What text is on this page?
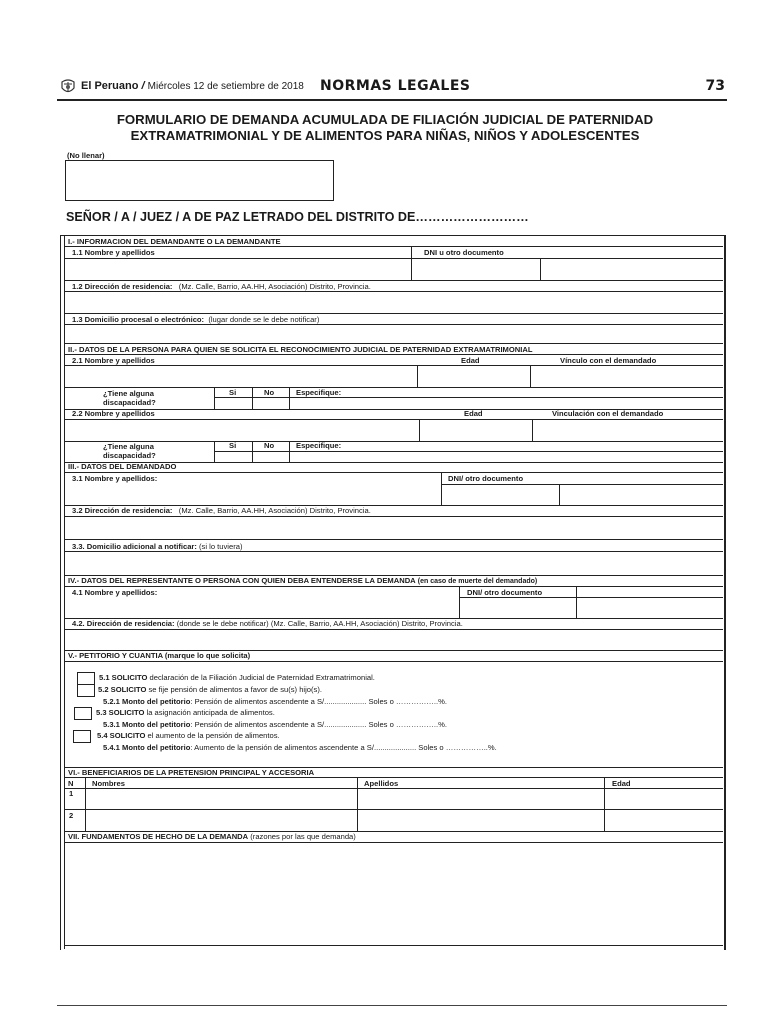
El Peruano / Miércoles 12 de setiembre de 2018 NORMAS LEGALES	73
FORMULARIO DE DEMANDA ACUMULADA DE FILIACIÓN JUDICIAL DE PATERNIDAD
EXTRAMATRIMONIAL Y DE ALIMENTOS PARA NIÑAS, NIÑOS Y ADOLESCENTES
(No llenar)
SEÑOR / A / JUEZ / A DE PAZ LETRADO DEL DISTRITO DE………………………
I.- INFORMACION DEL DEMANDANTE O LA DEMANDANTE
1.1 Nombre y apellidos	DNI u otro documento
1.2 Dirección de residencia: (Mz. Calle, Barrio, AA.HH, Asociación) Distrito, Provincia.
1.3 Domicilio procesal o electrónico: (lugar donde se le debe notificar)
II.- DATOS DE LA PERSONA PARA QUIEN SE SOLICITA EL RECONOCIMIENTO JUDICIAL DE PATERNIDAD EXTRAMATRIMONIAL
2.1 Nombre y apellidos	Edad	Vínculo con el demandado
¿Tiene alguna
discapacidad?
Si	No	Especifique:
2.2 Nombre y apellidos	Edad	Vinculación con el demandado
¿Tiene alguna
discapacidad?
Si	No	Especifique:
III.- DATOS DEL DEMANDADO
3.1 Nombre y apellidos:	DNI/ otro documento
3.2 Dirección de residencia: (Mz. Calle, Barrio, AA.HH, Asociación) Distrito, Provincia.
3.3. Domicilio adicional a notificar: (si lo tuviera)
IV.- DATOS DEL REPRESENTANTE O PERSONA CON QUIEN DEBA ENTENDERSE LA DEMANDA (en caso de muerte del demandado)
4.1 Nombre y apellidos:	DNI/ otro documento
4.2. Dirección de residencia: (donde se le debe notificar) (Mz. Calle, Barrio, AA.HH, Asociación) Distrito, Provincia.
V.- PETITORIO Y CUANTIA (marque lo que solicita)
5.1 SOLICITO declaración de la Filiación Judicial de Paternidad Extramatrimonial.
5.2 SOLICITO se fije pensión de alimentos a favor de su(s) hijo(s).
5.2.1 Monto del petitorio: Pensión de alimentos ascendente a S/.................... Soles o ……………..%.
5.3 SOLICITO la asignación anticipada de alimentos.
5.3.1 Monto del petitorio: Pensión de alimentos ascendente a S/.................... Soles o ……………..%.
5.4 SOLICITO el aumento de la pensión de alimentos.
5.4.1 Monto del petitorio: Aumento de la pensión de alimentos ascendente a S/.................... Soles o ……………..%.
VI.- BENEFICIARIOS DE LA PRETENSION PRINCIPAL Y ACCESORIA
N Nombres	Apellidos	Edad
1
2
VII. FUNDAMENTOS DE HECHO DE LA DEMANDA (razones por las que demanda)
